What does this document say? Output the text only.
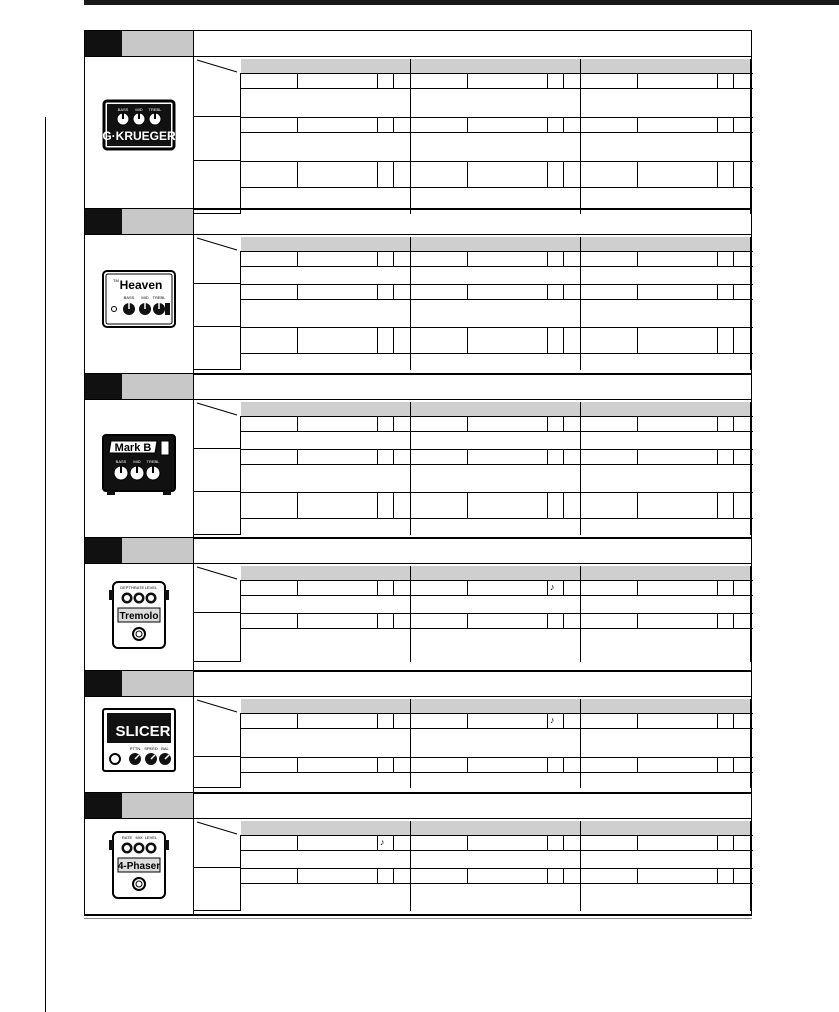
G·KRUEGER
BASS MID TREBL
Heaven
TM
BASS MID TREBL
Mark B
BASS MID TREBL
DEPTH RATE LEVEL
Tremolo
♪
SLICER
PTTN SPEED BAL
♪
RATE MIX LEVEL
4-Phaser
♪
